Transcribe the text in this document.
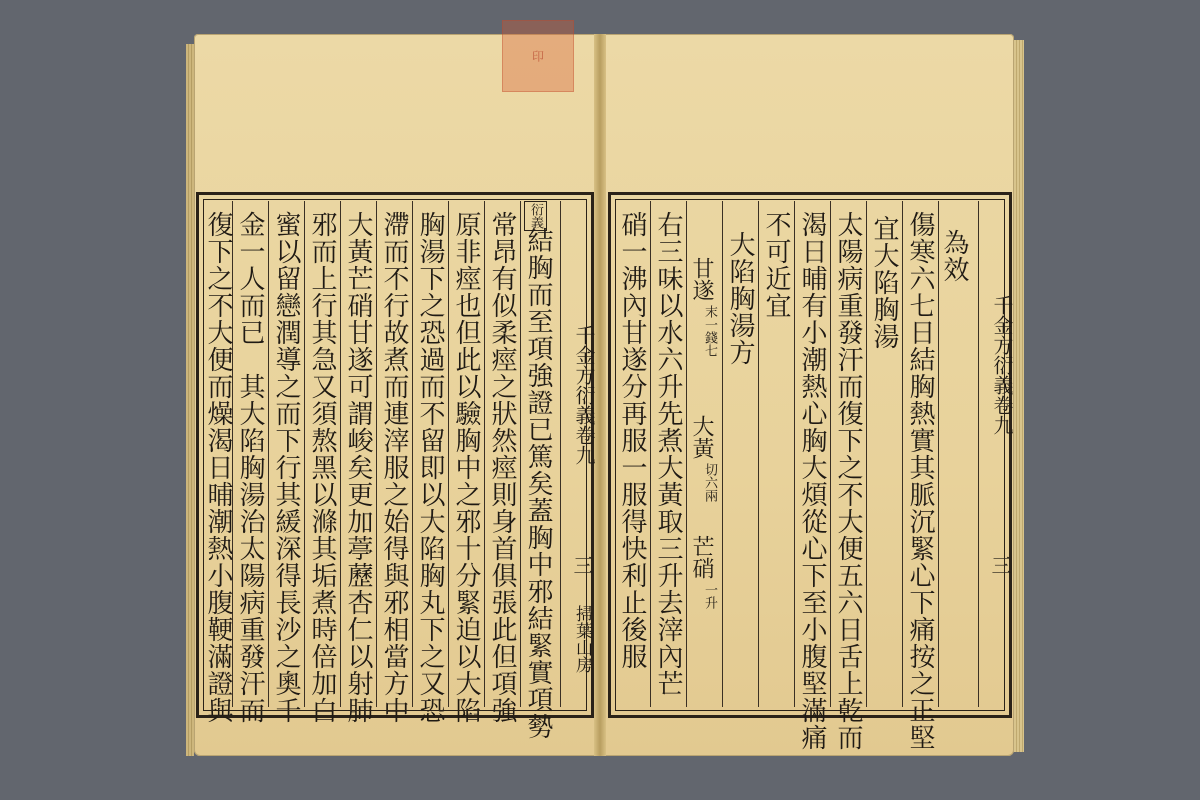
印
千金方衍義卷九
三
掃葉山房
衍義
結胸而至項強證已篤矣蓋胸中邪結緊實項勢
常昂有似柔痙之狀然痙則身首俱張此但項強
原非痙也但此以驗胸中之邪十分緊迫以大陷
胸湯下之恐過而不留即以大陷胸丸下之又恐
滯而不行故煮而連滓服之始得與邪相當方中
大黃芒硝甘遂可謂峻矣更加葶藶杏仁以射肺
邪而上行其急又須熬黑以滌其垢煮時倍加白
蜜以留戀潤導之而下行其緩深得長沙之奧千
金一人而已　其大陷胸湯治太陽病重發汗而
復下之不大便而燥渴日晡潮熱小腹鞕滿證與	千金方衍義卷九
三
為效
傷寒六七日結胸熱實其脈沉緊心下痛按之正堅
宜大陷胸湯
太陽病重發汗而復下之不大便五六日舌上乾而
渴日晡有小潮熱心胸大煩從心下至小腹堅滿痛
不可近宜
大陷胸湯方
甘遂
末一錢七
大黃
切六兩
芒硝
一升
右三味以水六升先煮大黃取三升去滓內芒
硝一沸內甘遂分再服一服得快利止後服
